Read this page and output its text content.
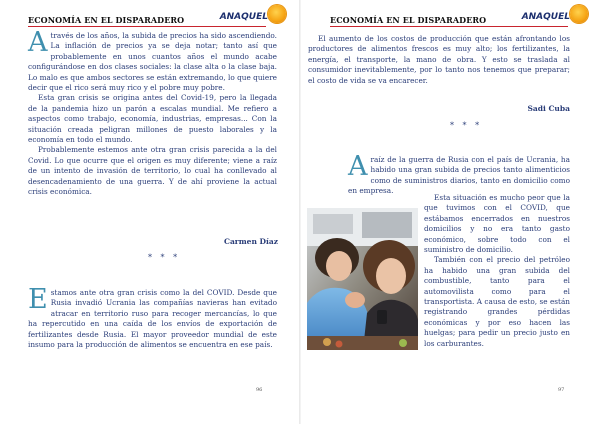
ECONOMÍA EN EL DISPARADERO	ANAQUEL

Através de los años, la subida de precios ha sido ascendiendo. La inflación de precios ya se deja notar; tanto así que probablemente en unos cuantos años el mundo acabe configurándose en dos clases sociales: la clase alta o la clase baja. Lo malo es que ambos sectores se están extremando, lo que quiere decir que el rico será muy rico y el pobre muy pobre.

Esta gran crisis se origina antes del Covid-19, pero la llegada de la pandemia hizo un parón a escalas mundial. Me refiero a aspectos como trabajo, economía, industrias, empresas... Con la situación creada peligran millones de puesto laborales y la economía en todo el mundo.

Probablemente estemos ante otra gran crisis parecida a la del Covid. Lo que ocurre que el origen es muy diferente; viene a raíz de un intento de invasión de territorio, lo cual ha conllevado al desencadenamiento de una guerra. Y de ahí proviene la actual crisis económica.

Carmen Díaz
* * *

Estamos ante otra gran crisis como la del COVID. Desde que Rusia invadió Ucrania las compañías navieras han evitado atracar en territorio ruso para recoger mercancías, lo que ha repercutido en una caída de los envíos de exportación de fertilizantes desde Rusia. El mayor proveedor mundial de este insumo para la producción de alimentos se encuentra en ese país.

96
ECONOMÍA EN EL DISPARADERO	ANAQUEL

El aumento de los costos de producción que están afrontando los productores de alimentos frescos es muy alto; los fertilizantes, la energía, el transporte, la mano de obra. Y esto se traslada al consumidor inevitablemente, por lo tanto nos tenemos que preparar; el costo de vida se va encarecer.

Sadi Cuba
* * *

Araíz de la guerra de Rusia con el país de Ucrania, ha habido una gran subida de precios tanto alimenticios como de suministros diarios, tanto en domicilio como en empresa.

Esta situación es mucho peor que la que tuvimos con el COVID, que estábamos encerrados en nuestros domicilios y no era tanto gasto económico, sobre todo con el suministro de domicilio.

También con el precio del petróleo ha habido una gran subida del combustible, tanto para el automovilista como para el transportista. A causa de esto, se están registrando grandes pérdidas económicas y por eso hacen las huelgas; para pedir un precio justo en los carburantes.

97
